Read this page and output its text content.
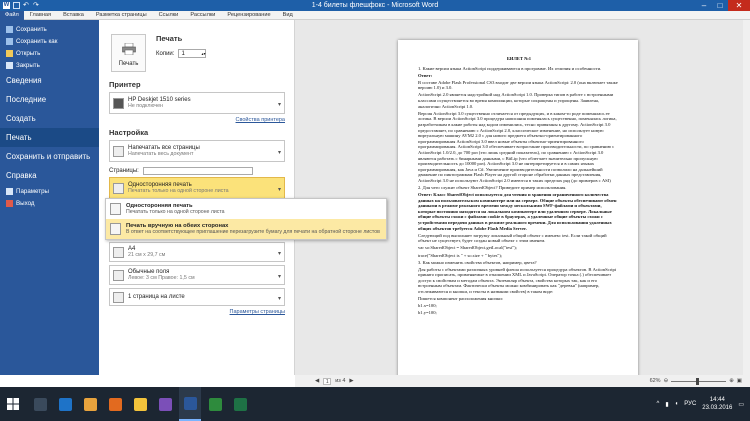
W ↶ ↷	1-4 билеты флешфокс - Microsoft Word	–	□	✕
Файл	Главная	Вставка	Разметка страницы	Ссылки	Рассылки	Рецензирование	Вид
Сохранить
Сохранить как
Открыть
Закрыть
Сведения
Последние
Создать
Печать
Сохранить и отправить
Справка
Параметры
Выход
Печать
Печать
Копии: 1	▴▾
Принтер
HP Deskjet 1510 series
Не подключен	▾
Свойства принтера
Настройка
Напечатать все страницы
Напечатать весь документ	▾
Страницы:
Односторонняя печать
Печатать только на одной стороне листа	▾
A4
21 см x 29,7 см	▾
Обычные поля
Левое: 3 см Правое: 1,5 см	▾
1 страница на листе	▾
Параметры страницы
Односторонняя печать
Печатать только на одной стороне листа
Печать вручную на обеих сторонах
В ответ на соответствующее приглашение перезагрузите бумагу для печати на обратной стороне листов
БИЛЕТ №1

1. Какие версии языка ActionScript поддерживаются в программе. Их отличия и особенности.

Ответ:

В составе Adobe Flash Professional CS3 входит две версии языка ActionScript: 2.0 (она включает также версию 1.0) и 3.0.

ActionScript 2.0 является надстройкой над ActionScript 1.0. Проверка типов в работе с встроенными классами осуществляется во время компиляции, которые сокращены и упрощены. Заявлена, аналогично ActionScript 1.0.

Версия ActionScript 3.0 существенно отличается от предыдущих, и в каком-то роде поменялась ее логика. В версии ActionScript 3.0 процедура написания поменялась существенно, поменялась логика, разработчикам в какие работы над кодом изменились, тесно привязаны к другому. ActionScript 3.0 предоставляет, по сравнению с ActionScript 2.0, классическое изменение, но использует новую виртуальную машину AVM2 2.0 с для нового предмета объектно-ориентированного программирования ActionScript 3.0 ввел новые объекты объектно-ориентированного программирования. ActionScript 3.0 обеспечивает возрастание производительности, по сравнению с ActionScript 1.0/2.0, до 700 раз (это лишь средний показатель), по сравнению с ActionScript 3.0 являются работать с бинарными данными, с BitLip (что облегчает значительно пропускную производительность до 10000 раз). ActionScript 3.0 не интерпретируется и в самих языках программирования, как Java и C#. Увеличение производительности позволило на дальнейший движение по пиктограммам Flash Player на другой стороне обработки данных представления, ActionScript 3.0 не используют ActionScript 2.0 имеются в таких пределах ряд (до примеров с АSI)

2. Для чего служит объект SharedObject? Приведите пример использования.

Ответ: Класс SharedObject используется для чтения и хранения ограниченного количества данных на пользовательском компьютере или на сервере. Общие объекты обеспечивают обмен данными в режиме реального времени между несколькими SWF-файлами и объектами, которые постоянно находятся на локальном компьютере или удаленном сервере. Локальные общие объекты схожи с файлами cookie в браузерах, а удаленные общие объекты схожи с устройствами передачи данных в режиме реального времени. Для использования удаленных общих объектов требуется Adobe Flash Media Server.

Следующий под выполняет загрузку локальный общий объект с именем: test. Если такой общий объект не существует, будет создан новый объект с этим именем.

var so:SharedObject = SharedObject.getLocal("test");

trace("SharedObject is " + so.size + " bytes");

3. Как можно изменить свойства объектов, например, цвета?

Для работы с объектами различных уровней флеша используется процедура объектов. В ActionScript принято прописать, применяемые в отношении XML и JavaScript. Оператор точка (.) обеспечивает доступ к свойствам и методам объекта. Экземпляр объекта, свойства которых так, как и его встроенным объектам. Фактически объекты можно комбинировать как "деревья" (например, отслеживаются и кнопки, и тексты в названии свойств) в таком виде:

Пишется компонент расположения кнопки:

b1.x=100;

b1.y=100;

◀	1	из 4 ▶	62% ⊖	⊕ ▣
^ ▮ ◖ РУС
14:44
23.03.2016
▭
